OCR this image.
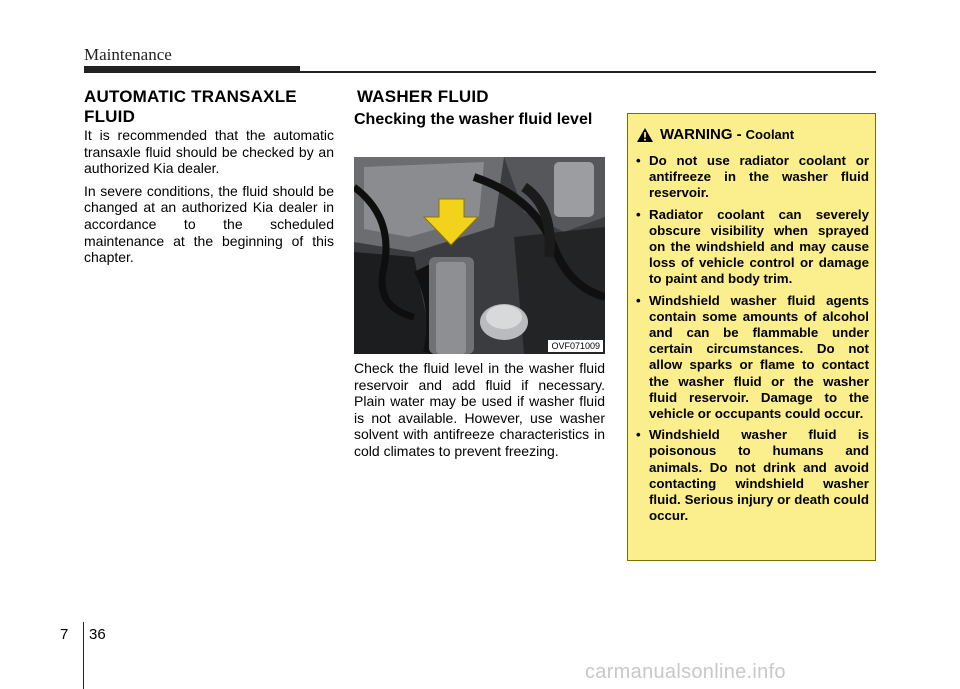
Maintenance
AUTOMATIC TRANSAXLE FLUID

It is recommended that the automatic transaxle fluid should be checked by an authorized Kia dealer.

In severe conditions, the fluid should be changed at an authorized Kia dealer in accordance to the scheduled maintenance at the beginning of this chapter.

WASHER FLUID
Checking the washer fluid level
OVF071009

Check the fluid level in the washer fluid reservoir and add fluid if necessary. Plain water may be used if washer fluid is not available. However, use washer solvent with antifreeze characteristics in cold climates to prevent freezing.

WARNING - Coolant
• Do not use radiator coolant or antifreeze in the washer fluid reservoir.
• Radiator coolant can severely obscure visibility when sprayed on the windshield and may cause loss of vehicle control or damage to paint and body trim.
• Windshield washer fluid agents contain some amounts of alcohol and can be flammable under certain circumstances. Do not allow sparks or flame to contact the washer fluid or the washer fluid reservoir. Damage to the vehicle or occupants could occur.
• Windshield washer fluid is poisonous to humans and animals. Do not drink and avoid contacting windshield washer fluid. Serious injury or death could occur.
7 36
carmanualsonline.info
